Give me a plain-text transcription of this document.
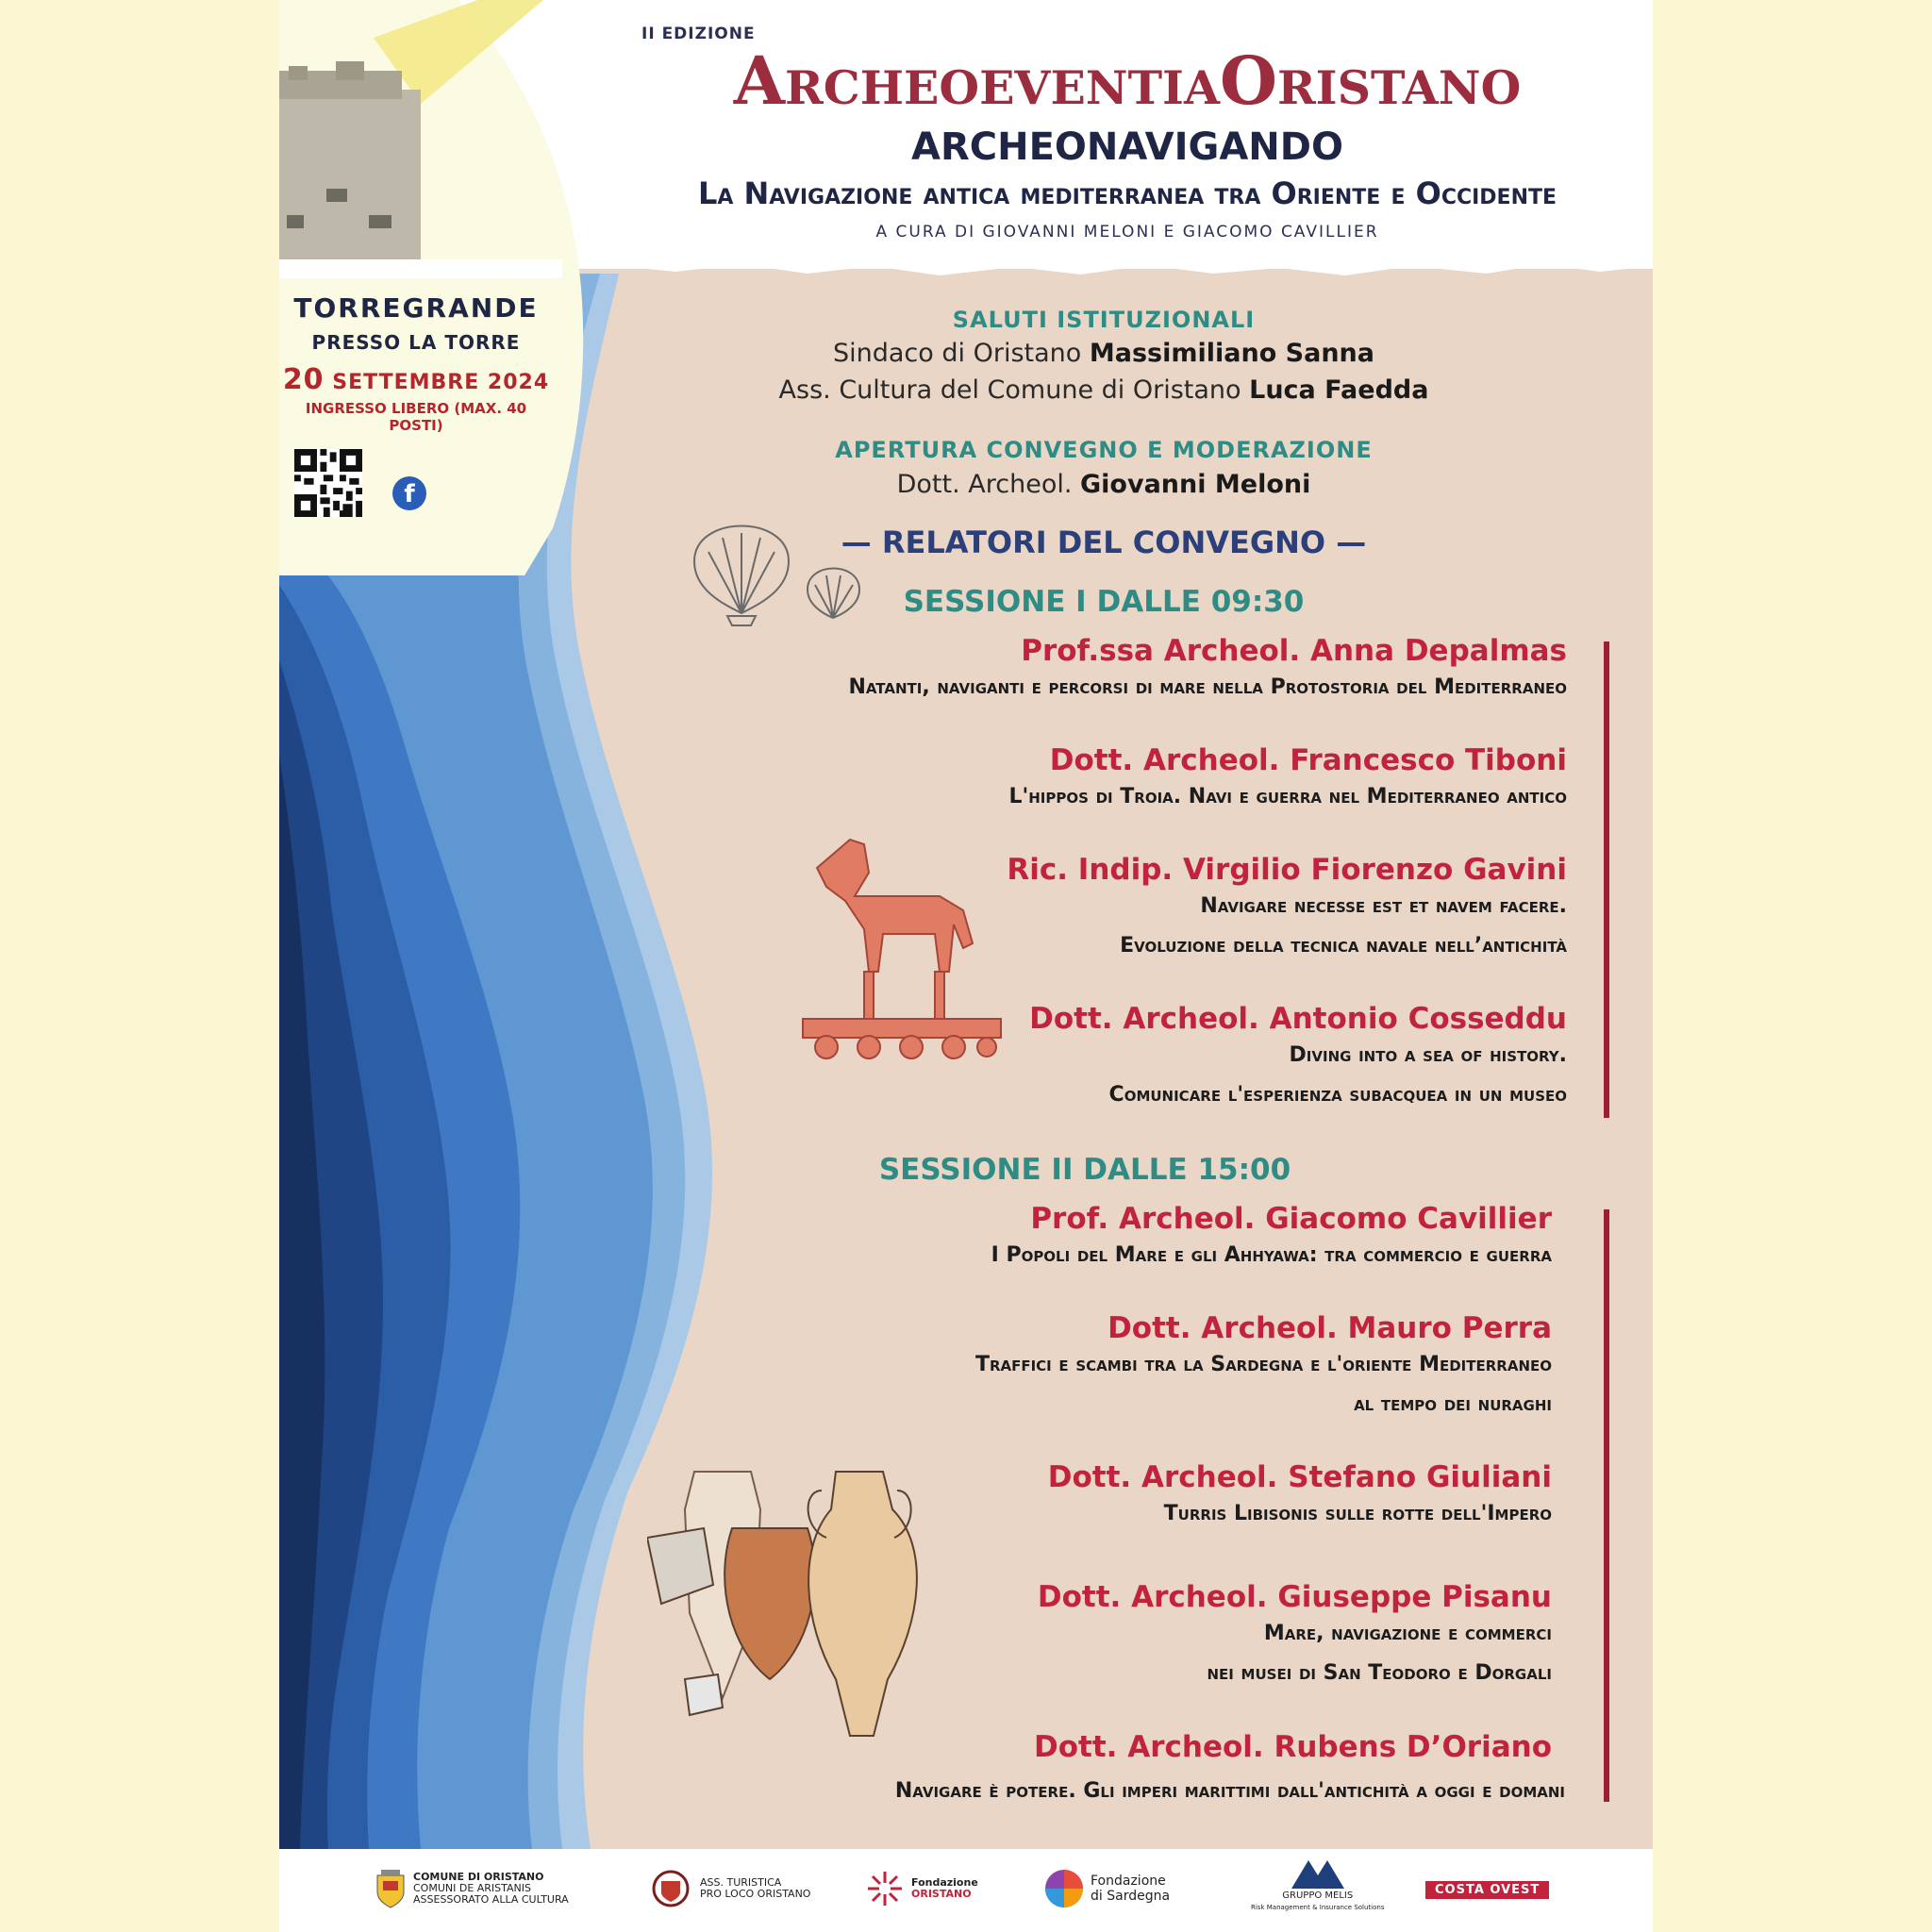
II EDIZIONE
ArcheoeventiaOristano
ARCHEONAVIGANDO
La Navigazione antica mediterranea tra Oriente e Occidente
A CURA DI GIOVANNI MELONI E GIACOMO CAVILLIER
TORREGRANDE
PRESSO LA TORRE
20 SETTEMBRE 2024
INGRESSO LIBERO (MAX. 40 POSTI)
f
SALUTI ISTITUZIONALI
Sindaco di Oristano Massimiliano Sanna
Ass. Cultura del Comune di Oristano Luca Faedda
APERTURA CONVEGNO E MODERAZIONE
Dott. Archeol. Giovanni Meloni
— RELATORI DEL CONVEGNO —
SESSIONE I DALLE 09:30
Prof.ssa Archeol. Anna Depalmas
Natanti, naviganti e percorsi di mare nella Protostoria del Mediterraneo
Dott. Archeol. Francesco Tiboni
L'hippos di Troia. Navi e guerra nel Mediterraneo antico
Ric. Indip. Virgilio Fiorenzo Gavini
Navigare necesse est et navem facere.
Evoluzione della tecnica navale nell’antichità
Dott. Archeol. Antonio Cosseddu
Diving into a sea of history.
Comunicare l'esperienza subacquea in un museo
SESSIONE II DALLE 15:00
Prof. Archeol. Giacomo Cavillier
I Popoli del Mare e gli Ahhyawa: tra commercio e guerra
Dott. Archeol. Mauro Perra
Traffici e scambi tra la Sardegna e l'oriente Mediterraneo
al tempo dei nuraghi
Dott. Archeol. Stefano Giuliani
Turris Libisonis sulle rotte dell'Impero
Dott. Archeol. Giuseppe Pisanu
Mare, navigazione e commerci
nei musei di San Teodoro e Dorgali
Dott. Archeol. Rubens D’Oriano
Navigare è potere. Gli imperi marittimi dall'antichità a oggi e domani
COMUNE DI ORISTANO
COMUNI DE ARISTANIS
ASSESSORATO ALLA CULTURA
ASS. TURISTICA
PRO LOCO ORISTANO
Fondazione
ORISTANO
Fondazione
di Sardegna	GRUPPO MELIS
Risk Management & Insurance Solutions
COSTA OVEST
